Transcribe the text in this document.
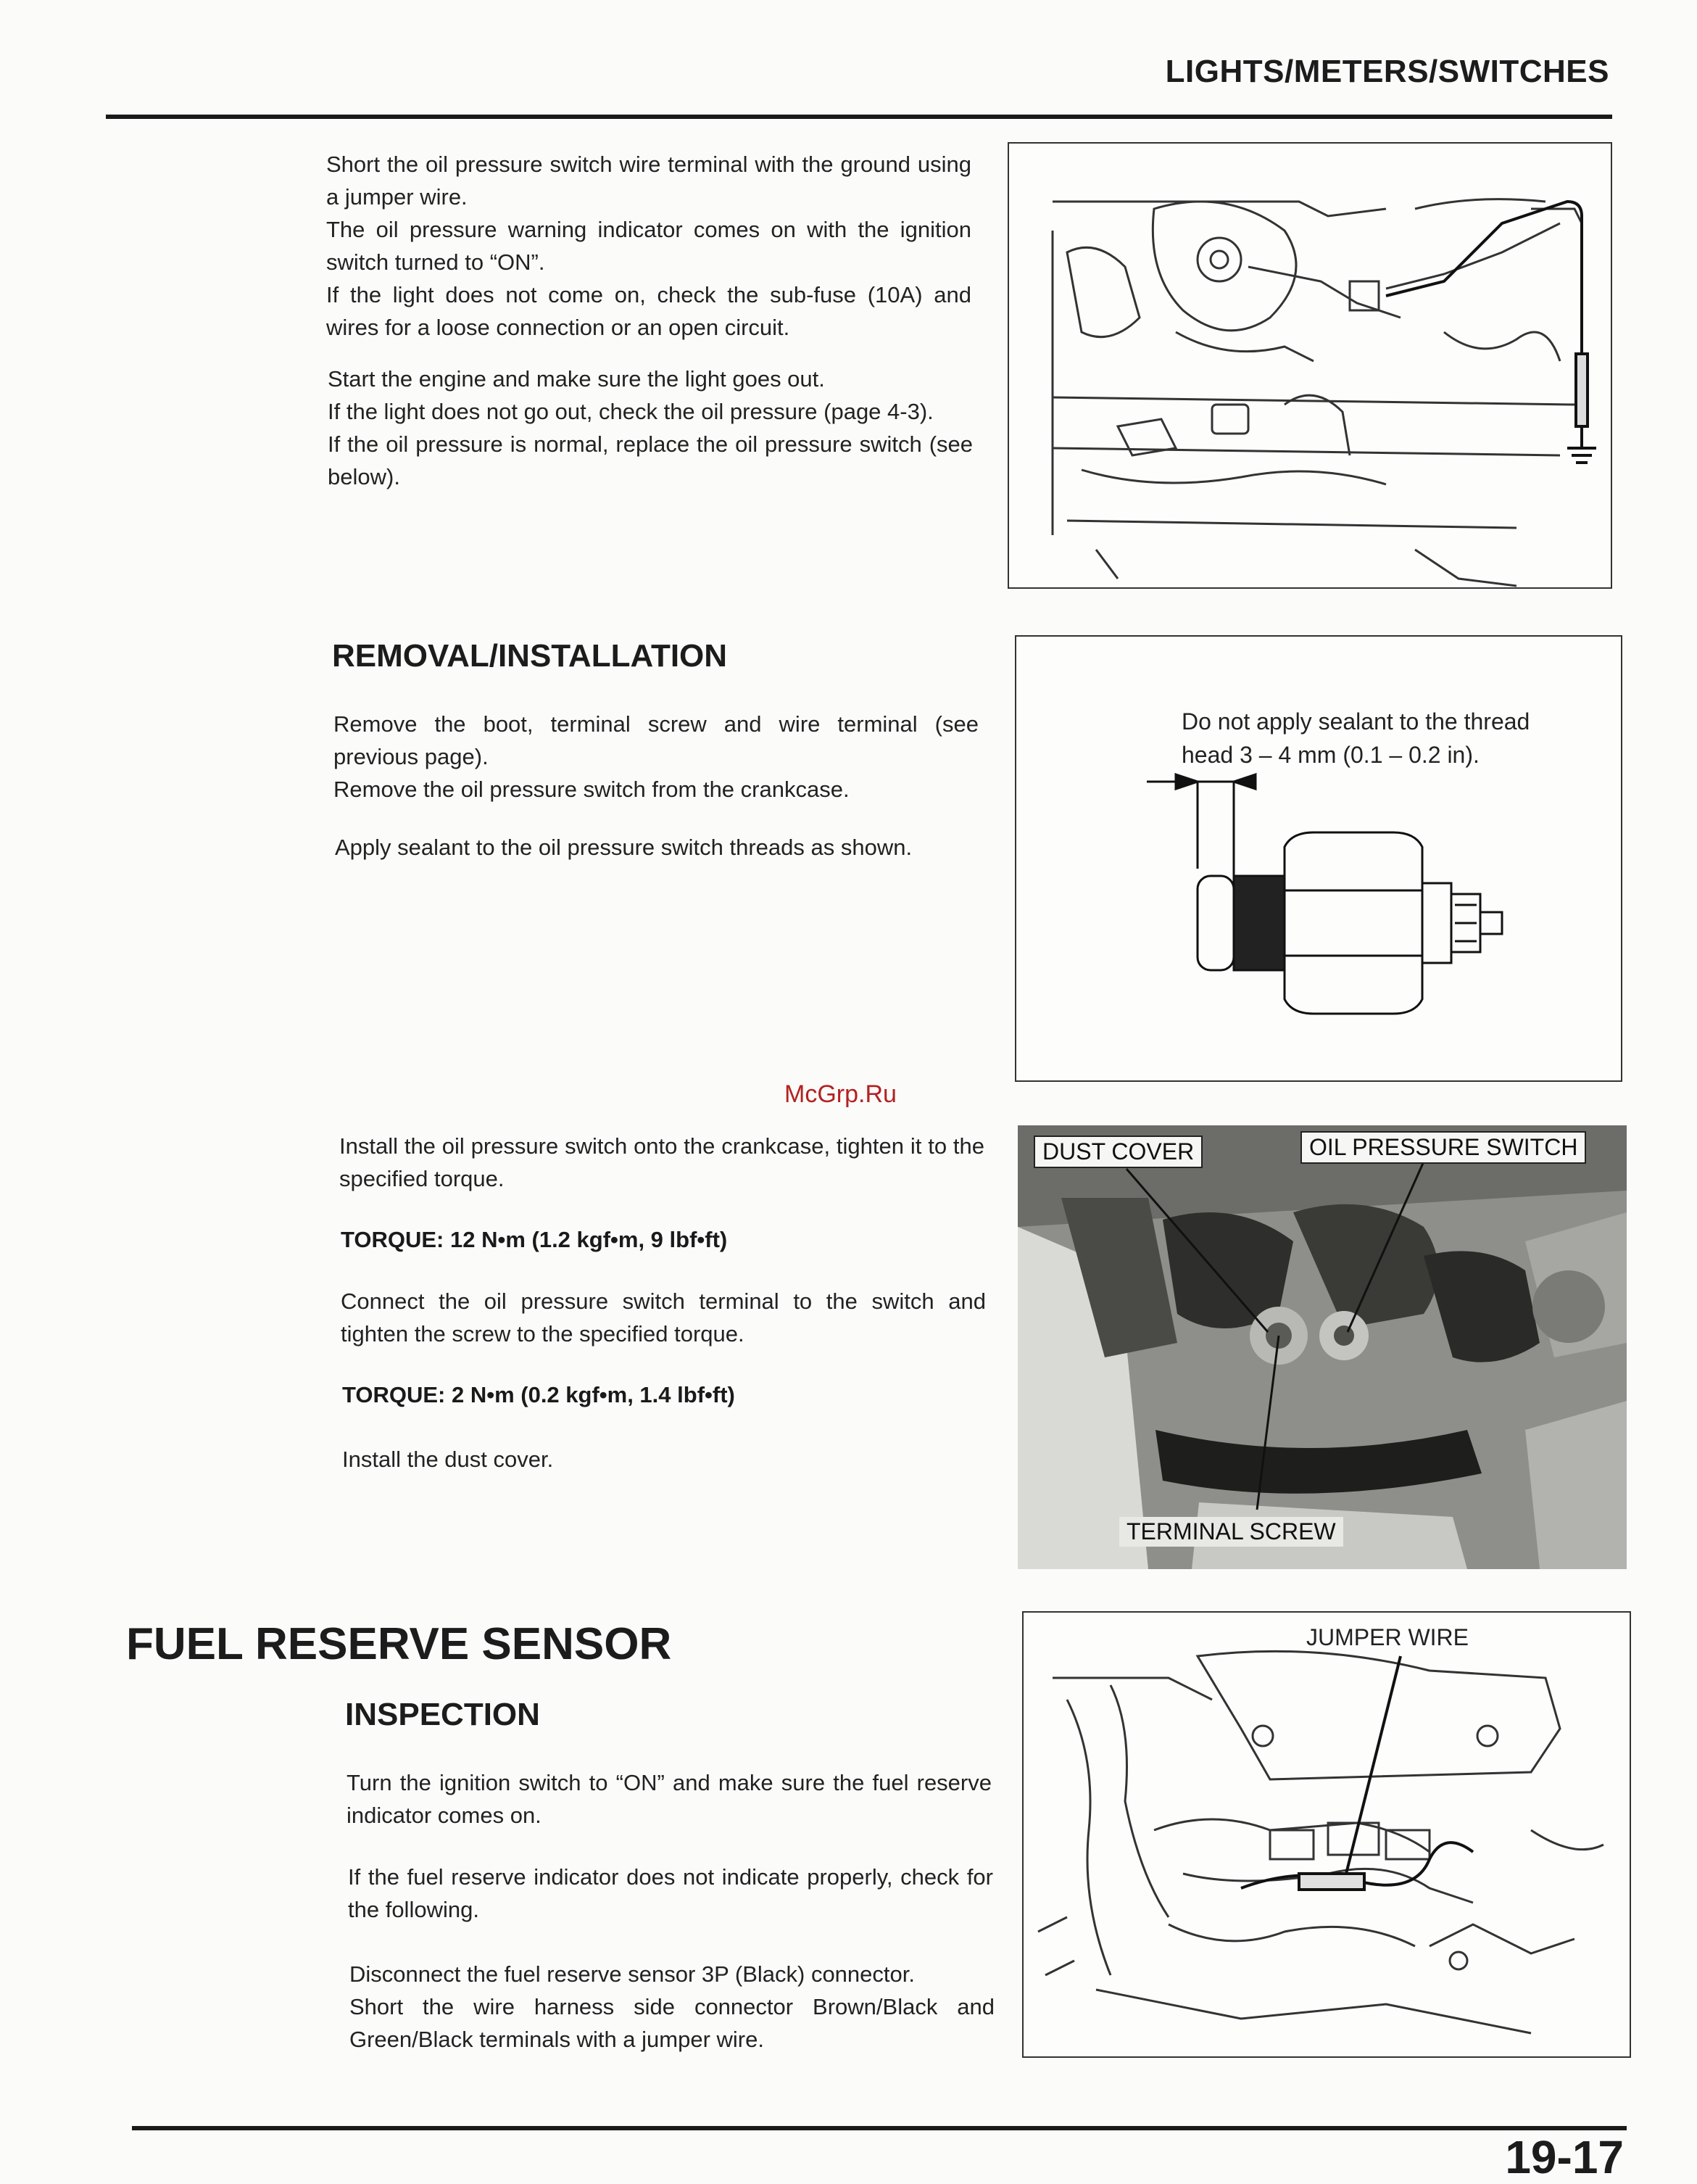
LIGHTS/METERS/SWITCHES

Short the oil pressure switch wire terminal with the ground using a jumper wire.
The oil pressure warning indicator comes on with the ignition switch turned to “ON”.
If the light does not come on, check the sub-fuse (10A) and wires for a loose connection or an open circuit.

Start the engine and make sure the light goes out.
If the light does not go out, check the oil pressure (page 4-3).
If the oil pressure is normal, replace the oil pressure switch (see below).

REMOVAL/INSTALLATION

Remove the boot, terminal screw and wire terminal (see previous page).
Remove the oil pressure switch from the crankcase.

Apply sealant to the oil pressure switch threads as shown.

Do not apply sealant to the thread
head 3 – 4 mm (0.1 – 0.2 in).
McGrp.Ru

Install the oil pressure switch onto the crankcase, tighten it to the specified torque.

TORQUE: 12 N•m (1.2 kgf•m, 9 lbf•ft)

Connect the oil pressure switch terminal to the switch and tighten the screw to the specified torque.

TORQUE: 2 N•m (0.2 kgf•m, 1.4 lbf•ft)

Install the dust cover.

DUST COVER	OIL PRESSURE SWITCH
TERMINAL SCREW
FUEL RESERVE SENSOR
INSPECTION

Turn the ignition switch to “ON” and make sure the fuel reserve indicator comes on.

If the fuel reserve indicator does not indicate properly, check for the following.

Disconnect the fuel reserve sensor 3P (Black) connector.
Short the wire harness side connector Brown/Black and Green/Black terminals with a jumper wire.

JUMPER WIRE
19-17
